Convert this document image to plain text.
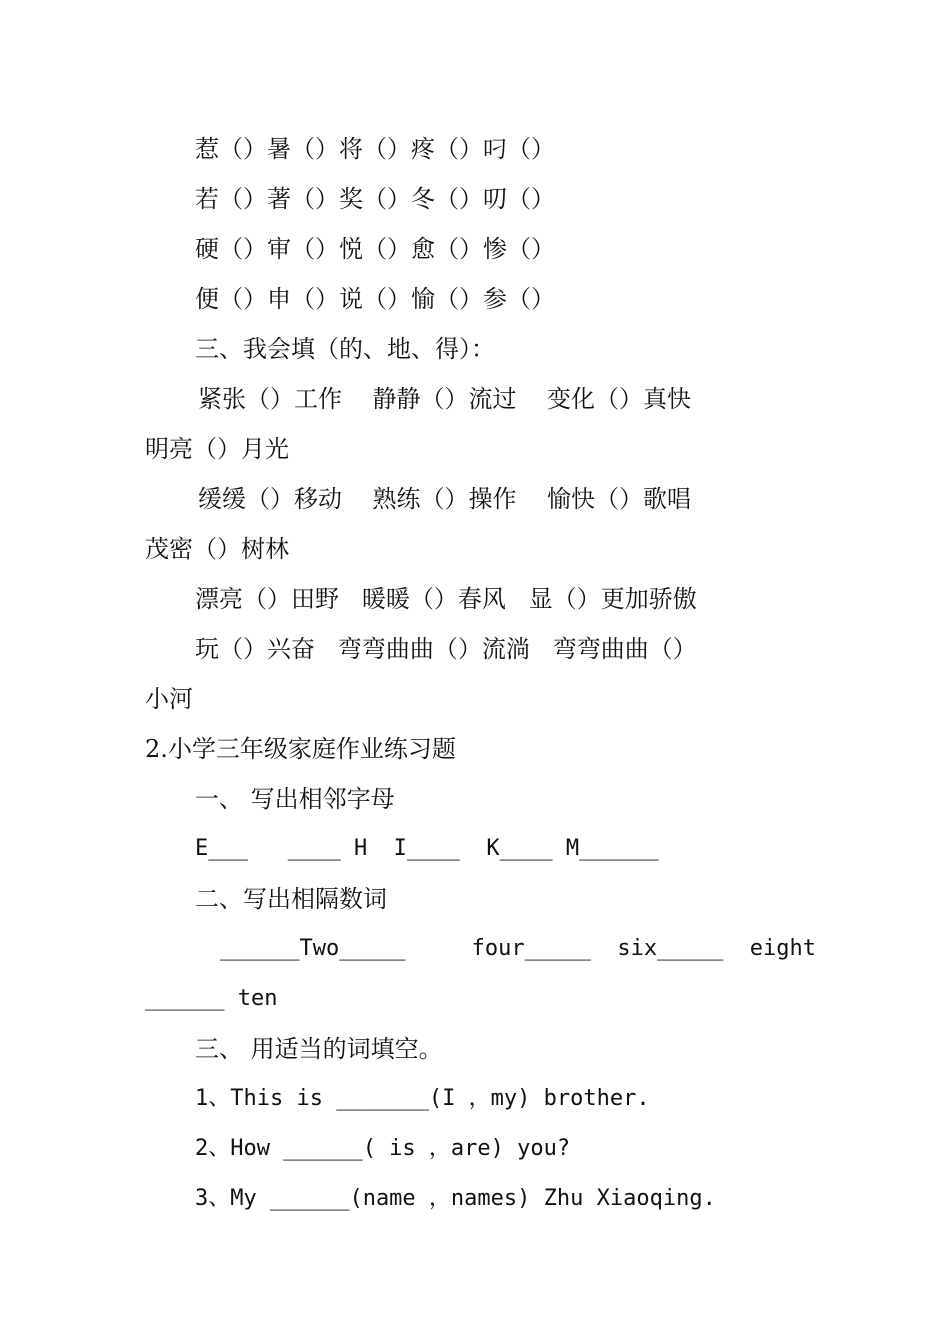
惹（）暑（）将（）疼（）叼（）
若（）著（）奖（）冬（）叨（）
硬（）审（）悦（）愈（）惨（）
便（）申（）说（）愉（）参（）
三、我会填（的、地、得）：
紧张（）工作    静静（）流过    变化（）真快
明亮（）月光
缓缓（）移动    熟练（）操作    愉快（）歌唱
茂密（）树林
漂亮（）田野   暖暖（）春风   显（）更加骄傲
玩（）兴奋   弯弯曲曲（）流淌   弯弯曲曲（）
小河
2.小学三年级家庭作业练习题
一、 写出相邻字母
E___   ____ H  I____  K____ M______
二、写出相隔数词
______Two_____     four_____  six_____  eight
______ ten
三、 用适当的词填空。
1、This is _______(I ，my) brother.
2、How ______( is ，are) you?
3、My ______(name ，names) Zhu Xiaoqing.
